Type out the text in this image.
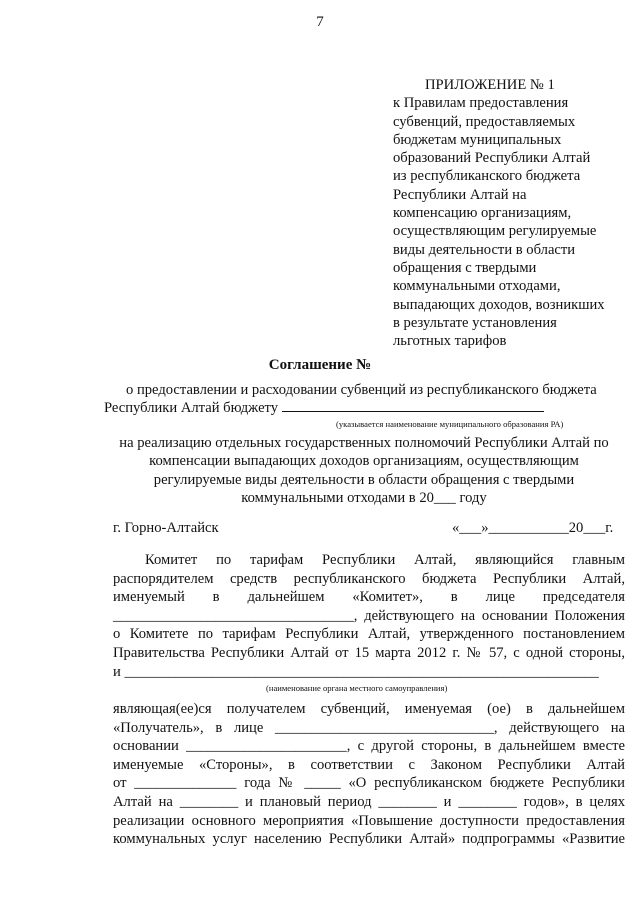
7
ПРИЛОЖЕНИЕ № 1
к Правилам предоставления
субвенций, предоставляемых
бюджетам муниципальных
образований Республики Алтай
из республиканского бюджета
Республики Алтай на
компенсацию организациям,
осуществляющим регулируемые
виды деятельности в области
обращения с твердыми
коммунальными отходами,
выпадающих доходов, возникших
в результате установления
льготных тарифов
Соглашение №
о предоставлении и расходовании субвенций из республиканского бюджета
Республики Алтай бюджету
(указывается наименование муниципального образования РА)
на реализацию отдельных государственных полномочий Республики Алтай по
компенсации выпадающих доходов организациям, осуществляющим
регулируемые виды деятельности в области обращения с твердыми
коммунальными отходами в 20___ году
г. Горно-Алтайск	«___»___________20___г.
Комитет по тарифам Республики Алтай, являющийся главным
распорядителем средств республиканского бюджета Республики Алтай,
именуемый в дальнейшем «Комитет», в лице председателя
_________________________________, действующего на основании Положения
о Комитете по тарифам Республики Алтай, утвержденного постановлением
Правительства Республики Алтай от 15 марта 2012 г. № 57, с одной стороны,
и _________________________________________________________________
(наименование органа местного самоуправления)
являющая(ее)ся получателем субвенций, именуемая (ое) в дальнейшем
«Получатель», в лице ______________________________, действующего на
основании ______________________, с другой стороны, в дальнейшем вместе
именуемые «Стороны», в соответствии с Законом Республики Алтай
от ______________ года № _____ «О республиканском бюджете Республики
Алтай на ________ и плановый период ________ и ________ годов», в целях
реализации основного мероприятия «Повышение доступности предоставления
коммунальных услуг населению Республики Алтай» подпрограммы «Развитие
